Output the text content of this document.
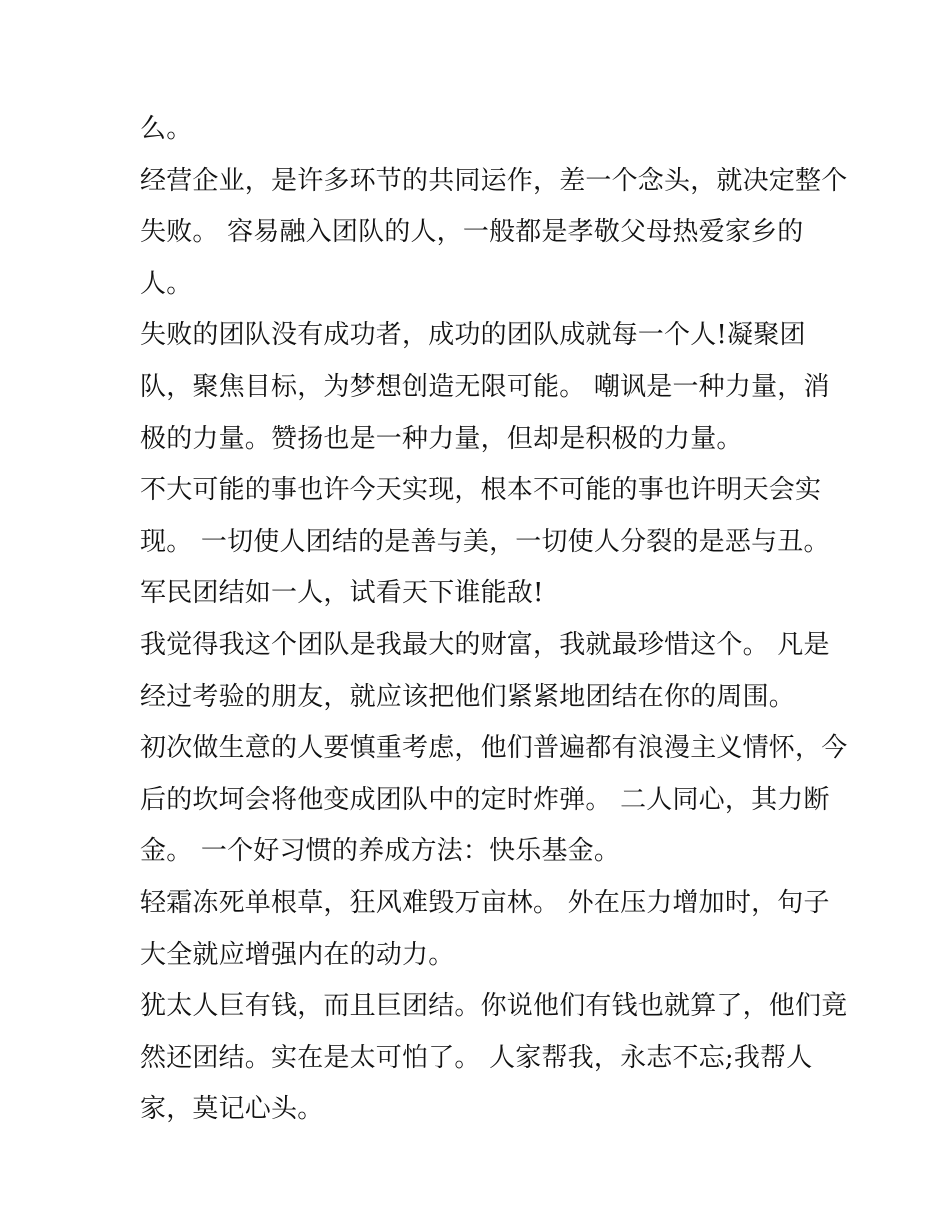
么。
经营企业，是许多环节的共同运作，差一个念头，就决定整个
失败。 容易融入团队的人，一般都是孝敬父母热爱家乡的
人。
失败的团队没有成功者，成功的团队成就每一个人!凝聚团
队，聚焦目标，为梦想创造无限可能。 嘲讽是一种力量，消
极的力量。赞扬也是一种力量，但却是积极的力量。
不大可能的事也许今天实现，根本不可能的事也许明天会实
现。 一切使人团结的是善与美，一切使人分裂的是恶与丑。
军民团结如一人，试看天下谁能敌!
我觉得我这个团队是我最大的财富，我就最珍惜这个。 凡是
经过考验的朋友，就应该把他们紧紧地团结在你的周围。
初次做生意的人要慎重考虑，他们普遍都有浪漫主义情怀，今
后的坎坷会将他变成团队中的定时炸弹。 二人同心，其力断
金。 一个好习惯的养成方法：快乐基金。
轻霜冻死单根草，狂风难毁万亩林。 外在压力增加时，句子
大全就应增强内在的动力。
犹太人巨有钱，而且巨团结。你说他们有钱也就算了，他们竟
然还团结。实在是太可怕了。 人家帮我，永志不忘;我帮人
家，莫记心头。
